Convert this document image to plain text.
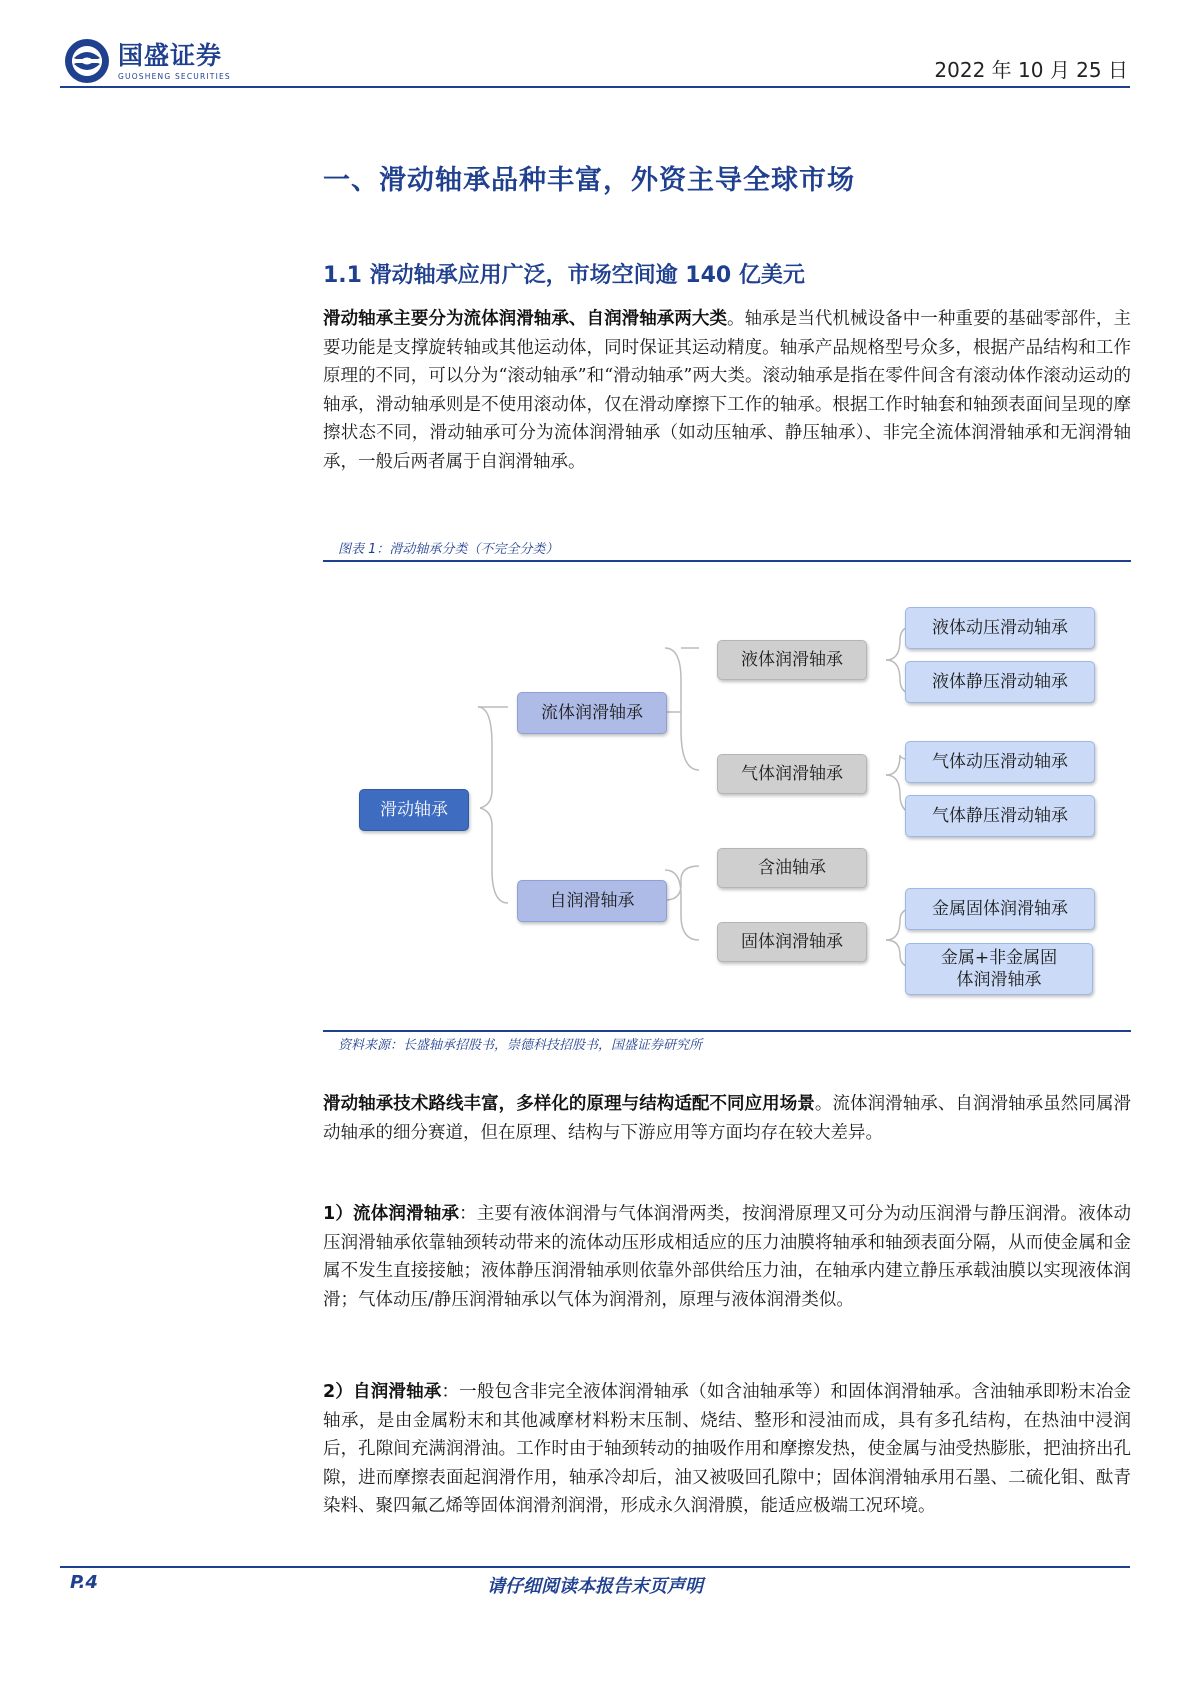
国盛证券
GUOSHENG SECURITIES	2022 年 10 月 25 日
一、滑动轴承品种丰富，外资主导全球市场
1.1 滑动轴承应用广泛，市场空间逾 140 亿美元
滑动轴承主要分为流体润滑轴承、自润滑轴承两大类。轴承是当代机械设备中一种重要的基础零部件，主要功能是支撑旋转轴或其他运动体，同时保证其运动精度。轴承产品规格型号众多，根据产品结构和工作原理的不同，可以分为“滚动轴承”和“滑动轴承”两大类。滚动轴承是指在零件间含有滚动体作滚动运动的轴承，滑动轴承则是不使用滚动体，仅在滑动摩擦下工作的轴承。根据工作时轴套和轴颈表面间呈现的摩擦状态不同，滑动轴承可分为流体润滑轴承（如动压轴承、静压轴承）、非完全流体润滑轴承和无润滑轴承，一般后两者属于自润滑轴承。
图表 1：滑动轴承分类（不完全分类）
滑动轴承
流体润滑轴承
自润滑轴承
液体润滑轴承
气体润滑轴承
含油轴承
固体润滑轴承
液体动压滑动轴承
液体静压滑动轴承
气体动压滑动轴承
气体静压滑动轴承
金属固体润滑轴承
金属+非金属固体润滑轴承
资料来源：长盛轴承招股书，崇德科技招股书，国盛证券研究所
滑动轴承技术路线丰富，多样化的原理与结构适配不同应用场景。流体润滑轴承、自润滑轴承虽然同属滑动轴承的细分赛道，但在原理、结构与下游应用等方面均存在较大差异。
1）流体润滑轴承：主要有液体润滑与气体润滑两类，按润滑原理又可分为动压润滑与静压润滑。液体动压润滑轴承依靠轴颈转动带来的流体动压形成相适应的压力油膜将轴承和轴颈表面分隔，从而使金属和金属不发生直接接触；液体静压润滑轴承则依靠外部供给压力油，在轴承内建立静压承载油膜以实现液体润滑；气体动压/静压润滑轴承以气体为润滑剂，原理与液体润滑类似。
2）自润滑轴承：一般包含非完全液体润滑轴承（如含油轴承等）和固体润滑轴承。含油轴承即粉末冶金轴承，是由金属粉末和其他减摩材料粉末压制、烧结、整形和浸油而成，具有多孔结构，在热油中浸润后，孔隙间充满润滑油。工作时由于轴颈转动的抽吸作用和摩擦发热，使金属与油受热膨胀，把油挤出孔隙，进而摩擦表面起润滑作用，轴承冷却后，油又被吸回孔隙中；固体润滑轴承用石墨、二硫化钼、酞青染料、聚四氟乙烯等固体润滑剂润滑，形成永久润滑膜，能适应极端工况环境。
请仔细阅读本报告末页声明
P.4
